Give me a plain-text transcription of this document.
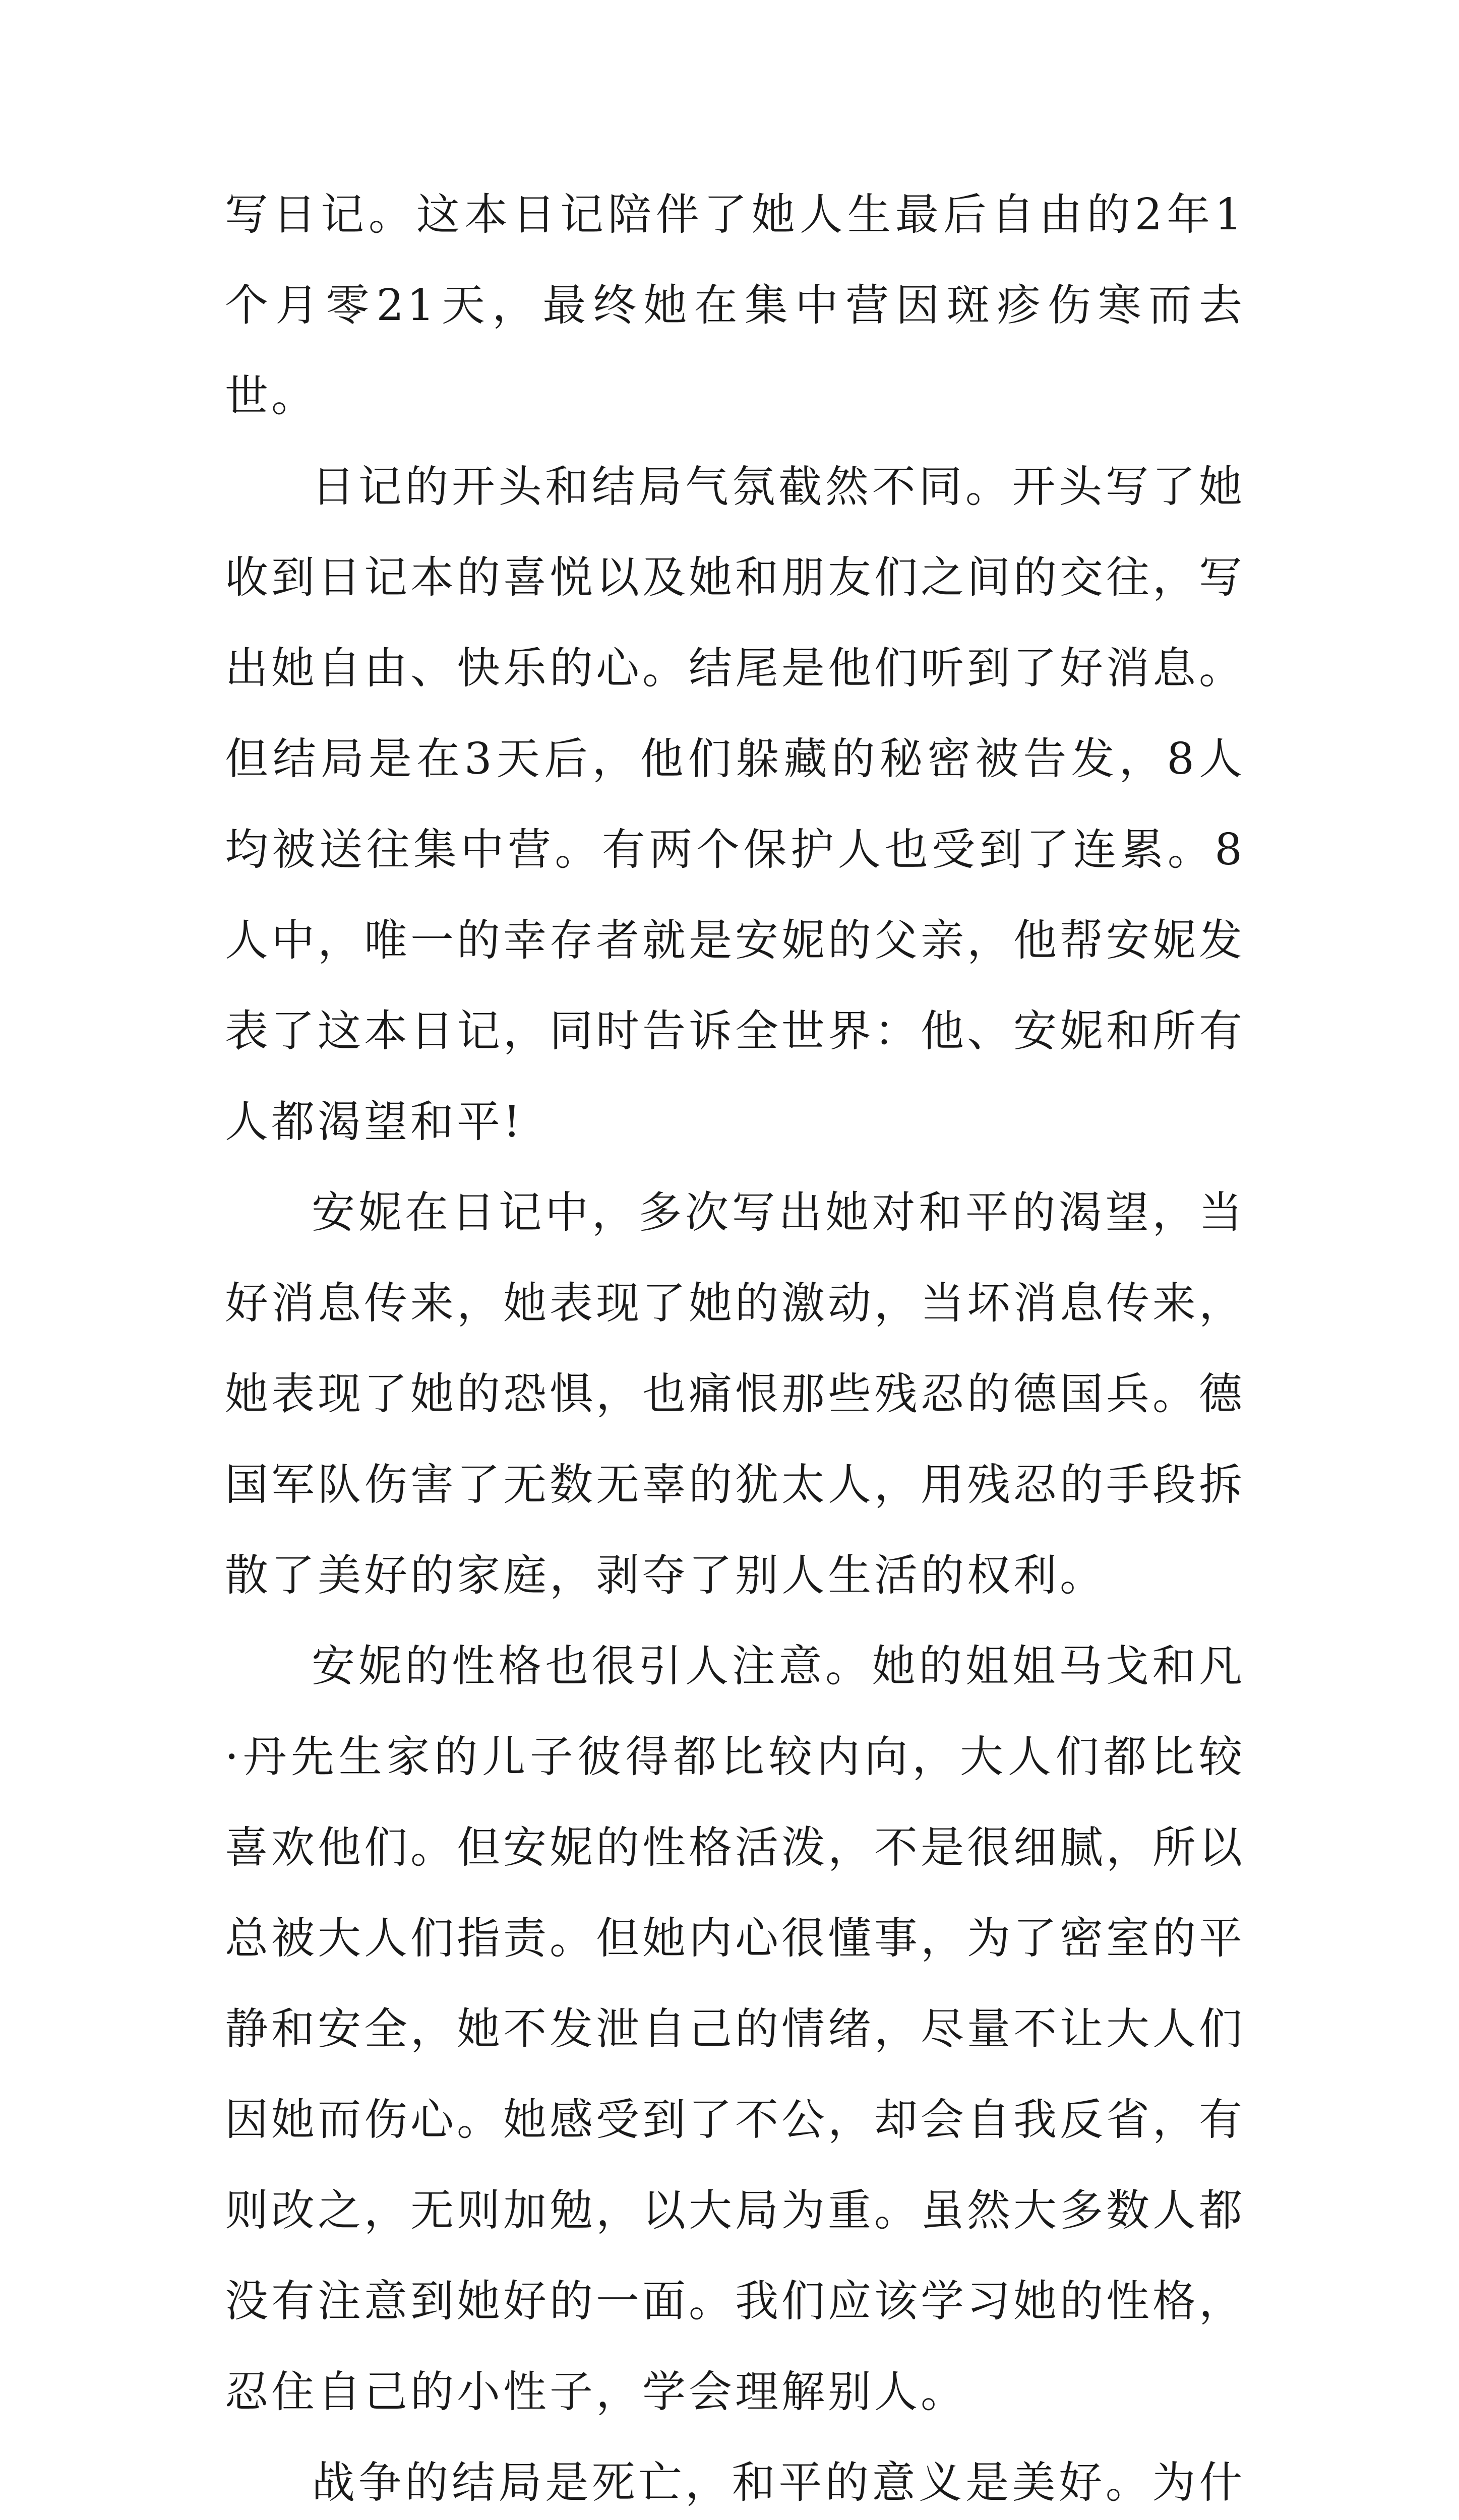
写日记。这本日记陪伴了她人生最后自由的2年1个月零21天，最终她在集中营因斑疹伤寒而去世。

日记的开头和结局气氛截然不同。开头写了她收到日记本的喜悦以及她和朋友们之间的交往，写出她自由、快乐的心。结尾是他们听到了好消息。但结局是在3天后，他们躲藏的秘密被告发，8人均被送往集中营。有两个保护人也受到了连累。8人中，唯一的幸存者就是安妮的父亲，他帮安妮发表了这本日记，同时告诉全世界：他、安妮和所有人都渴望和平!

安妮在日记中，多次写出她对和平的渴望，当好消息传来，她表现了她的激动，当坏消息传来，她表现了她的恐惧，也痛恨那些残忍的德国兵。德国军队伤害了无数无辜的犹太人，用残忍的手段拆散了美好的家庭，剥夺了别人生活的权利。

安妮的性格也很引人注意。她的姐姐马戈和凡·丹先生家的儿子彼得都比较内向，大人们都比较喜欢他们。但安妮的性格活泼，不是很细腻，所以总被大人们指责。但她内心很懂事，为了密室的平静和安全，她不发泄自己的情绪，尽量不让大人们因她而伤心。她感受到了不公，却会自我反省，有则改之，无则加勉，以大局为重。虽然大多数人都没有注意到她好的一面。我们应该学习她的性格，忍住自己的小性子，学会理解别人。

战争的结局是死亡，和平的意义是美好。为什
